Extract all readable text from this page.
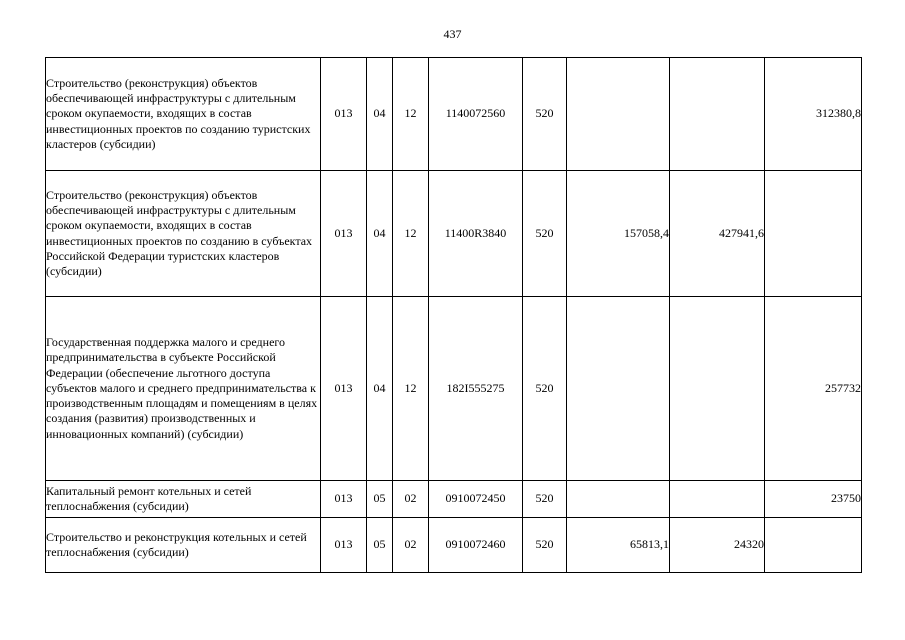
437
Строительство (реконструкция) объектов обеспечивающей инфраструктуры с длительным сроком окупаемости, входящих в состав инвестиционных проектов по созданию туристских кластеров (субсидии)	013	04	12	1140072560	520			312380,8
Строительство (реконструкция) объектов обеспечивающей инфраструктуры с длительным сроком окупаемости, входящих в состав инвестиционных проектов по созданию в субъектах Российской Федерации туристских кластеров (субсидии)	013	04	12	11400R3840	520	157058,4	427941,6	
Государственная поддержка малого и среднего предпринимательства в субъекте Российской Федерации (обеспечение льготного доступа субъектов малого и среднего предпринимательства к производственным площадям и помещениям в целях создания (развития) производственных и инновационных компаний) (субсидии)	013	04	12	182I555275	520			257732
Капитальный ремонт котельных и сетей теплоснабжения (субсидии)	013	05	02	0910072450	520			23750
Строительство и реконструкция котельных и сетей теплоснабжения (субсидии)	013	05	02	0910072460	520	65813,1	24320	
